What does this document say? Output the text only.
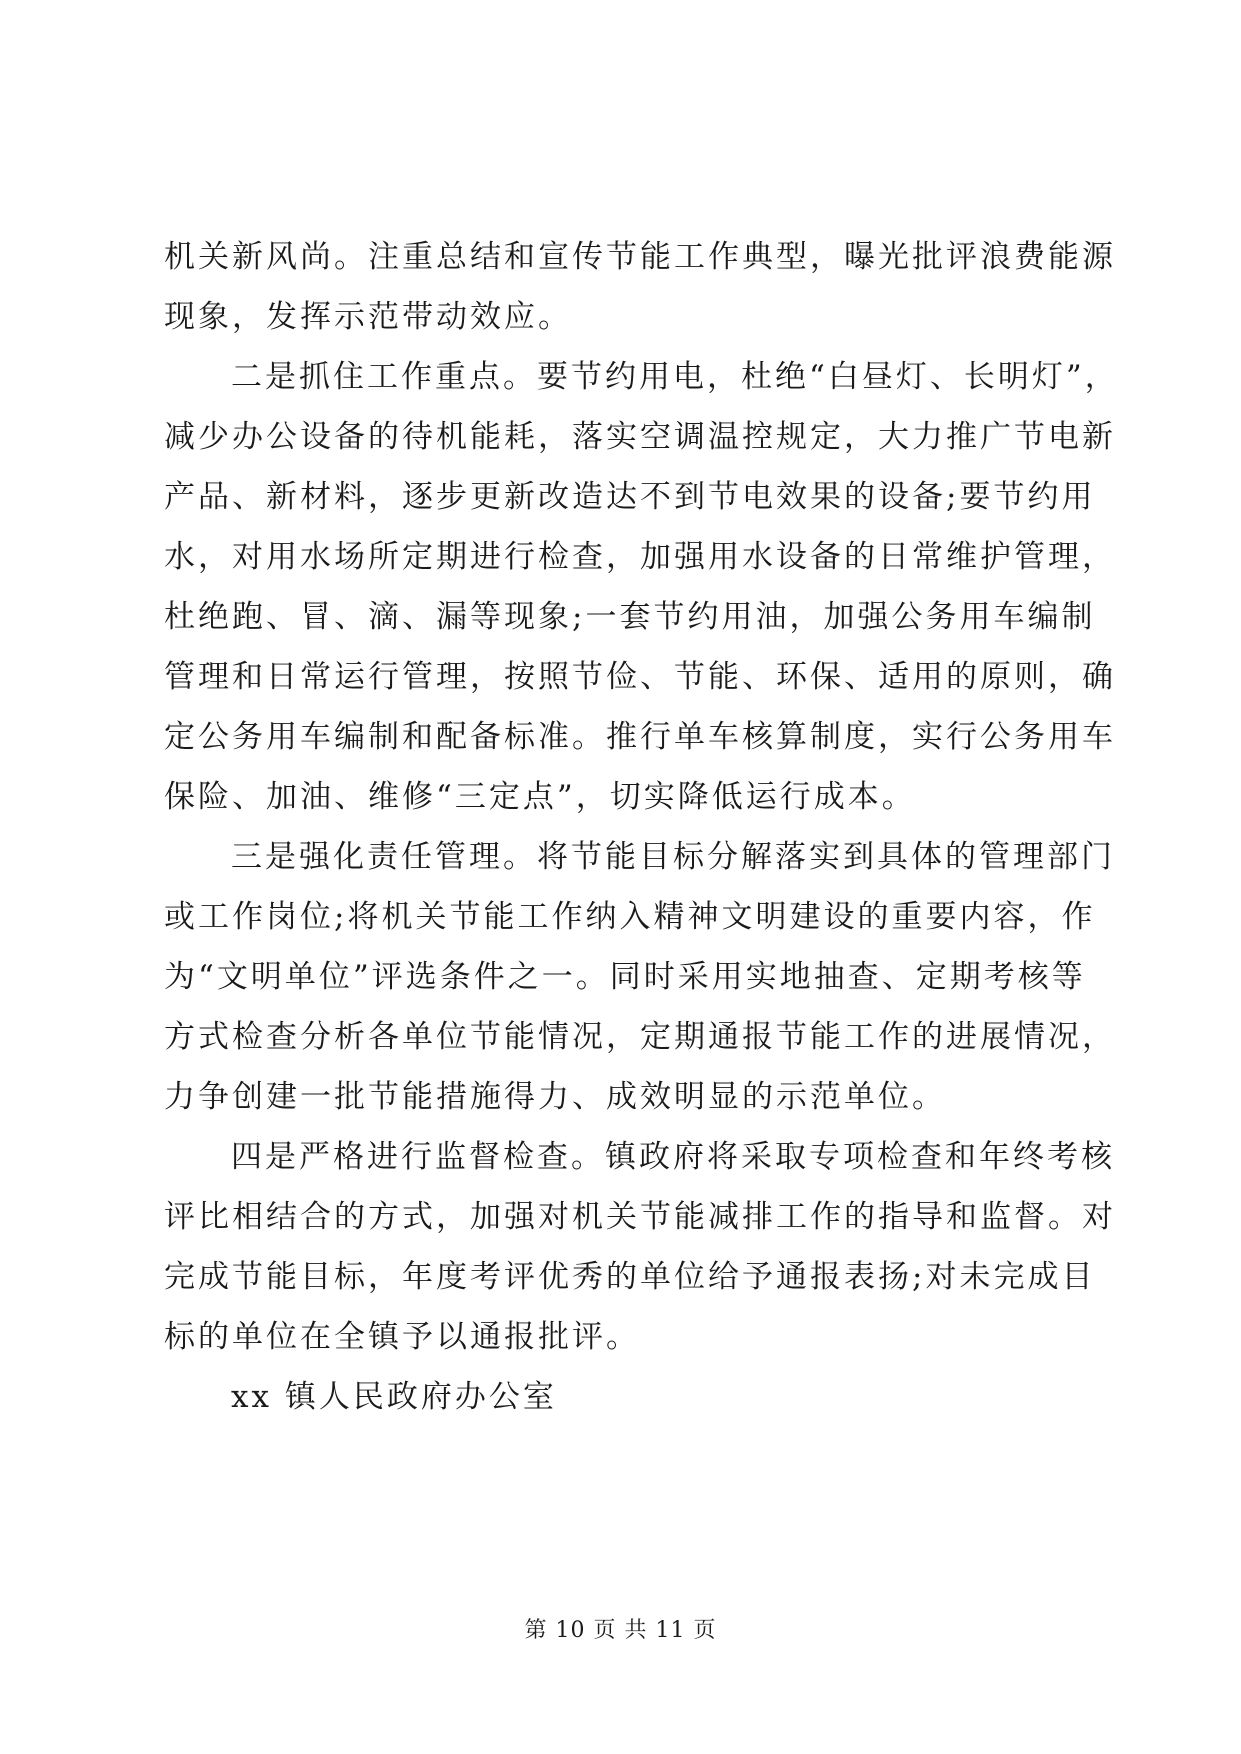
机关新风尚。注重总结和宣传节能工作典型，曝光批评浪费能源
现象，发挥示范带动效应。
二是抓住工作重点。要节约用电，杜绝“白昼灯、长明灯”，
减少办公设备的待机能耗，落实空调温控规定，大力推广节电新
产品、新材料，逐步更新改造达不到节电效果的设备;要节约用
水，对用水场所定期进行检查，加强用水设备的日常维护管理，
杜绝跑、冒、滴、漏等现象;一套节约用油，加强公务用车编制
管理和日常运行管理，按照节俭、节能、环保、适用的原则，确
定公务用车编制和配备标准。推行单车核算制度，实行公务用车
保险、加油、维修“三定点”，切实降低运行成本。
三是强化责任管理。将节能目标分解落实到具体的管理部门
或工作岗位;将机关节能工作纳入精神文明建设的重要内容，作
为“文明单位”评选条件之一。同时采用实地抽查、定期考核等
方式检查分析各单位节能情况，定期通报节能工作的进展情况，
力争创建一批节能措施得力、成效明显的示范单位。
四是严格进行监督检查。镇政府将采取专项检查和年终考核
评比相结合的方式，加强对机关节能减排工作的指导和监督。对
完成节能目标，年度考评优秀的单位给予通报表扬;对未完成目
标的单位在全镇予以通报批评。
xx 镇人民政府办公室
第 10 页 共 11 页
